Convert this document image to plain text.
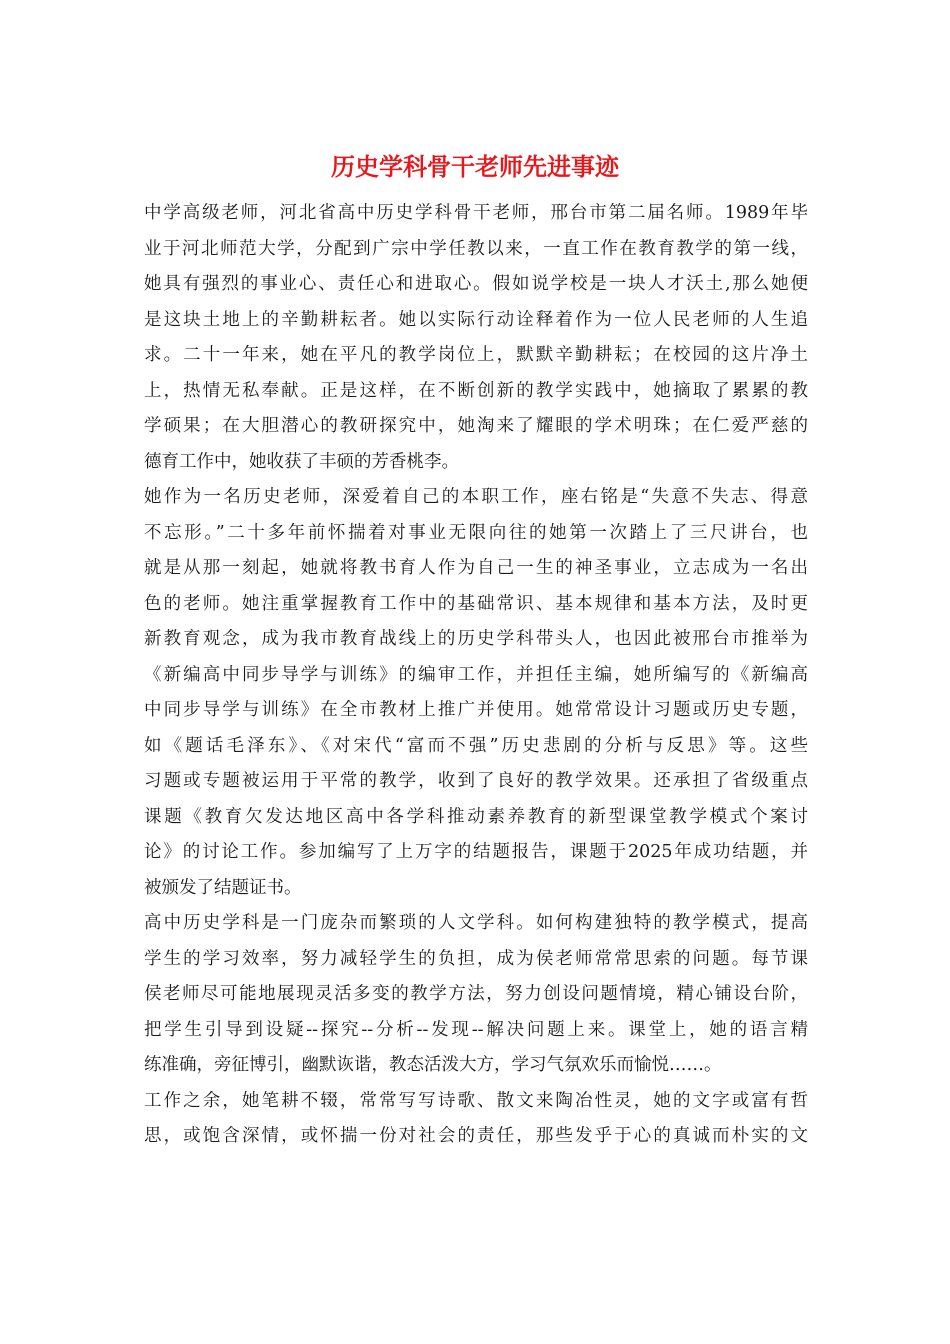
历史学科骨干老师先进事迹
中学高级老师，河北省高中历史学科骨干老师，邢台市第二届名师。1989年毕
业于河北师范大学，分配到广宗中学任教以来，一直工作在教育教学的第一线，
她具有强烈的事业心、责任心和进取心。假如说学校是一块人才沃土,那么她便
是这块土地上的辛勤耕耘者。她以实际行动诠释着作为一位人民老师的人生追
求。二十一年来，她在平凡的教学岗位上，默默辛勤耕耘；在校园的这片净土
上，热情无私奉献。正是这样，在不断创新的教学实践中，她摘取了累累的教
学硕果；在大胆潜心的教研探究中，她淘来了耀眼的学术明珠；在仁爱严慈的
德育工作中，她收获了丰硕的芳香桃李。
她作为一名历史老师，深爱着自己的本职工作，座右铭是“失意不失志、得意
不忘形。”二十多年前怀揣着对事业无限向往的她第一次踏上了三尺讲台，也
就是从那一刻起，她就将教书育人作为自己一生的神圣事业，立志成为一名出
色的老师。她注重掌握教育工作中的基础常识、基本规律和基本方法，及时更
新教育观念，成为我市教育战线上的历史学科带头人，也因此被邢台市推举为
《新编高中同步导学与训练》的编审工作，并担任主编，她所编写的《新编高
中同步导学与训练》在全市教材上推广并使用。她常常设计习题或历史专题，
如《题话毛泽东》、《对宋代“富而不强”历史悲剧的分析与反思》等。这些
习题或专题被运用于平常的教学，收到了良好的教学效果。还承担了省级重点
课题《教育欠发达地区高中各学科推动素养教育的新型课堂教学模式个案讨
论》的讨论工作。参加编写了上万字的结题报告，课题于2025年成功结题，并
被颁发了结题证书。
高中历史学科是一门庞杂而繁琐的人文学科。如何构建独特的教学模式，提高
学生的学习效率，努力减轻学生的负担，成为侯老师常常思索的问题。每节课
侯老师尽可能地展现灵活多变的教学方法，努力创设问题情境，精心铺设台阶，
把学生引导到设疑--探究--分析--发现--解决问题上来。课堂上，她的语言精
练准确，旁征博引，幽默诙谐，教态活泼大方，学习气氛欢乐而愉悦……。
工作之余，她笔耕不辍，常常写写诗歌、散文来陶冶性灵，她的文字或富有哲
思，或饱含深情，或怀揣一份对社会的责任，那些发乎于心的真诚而朴实的文
